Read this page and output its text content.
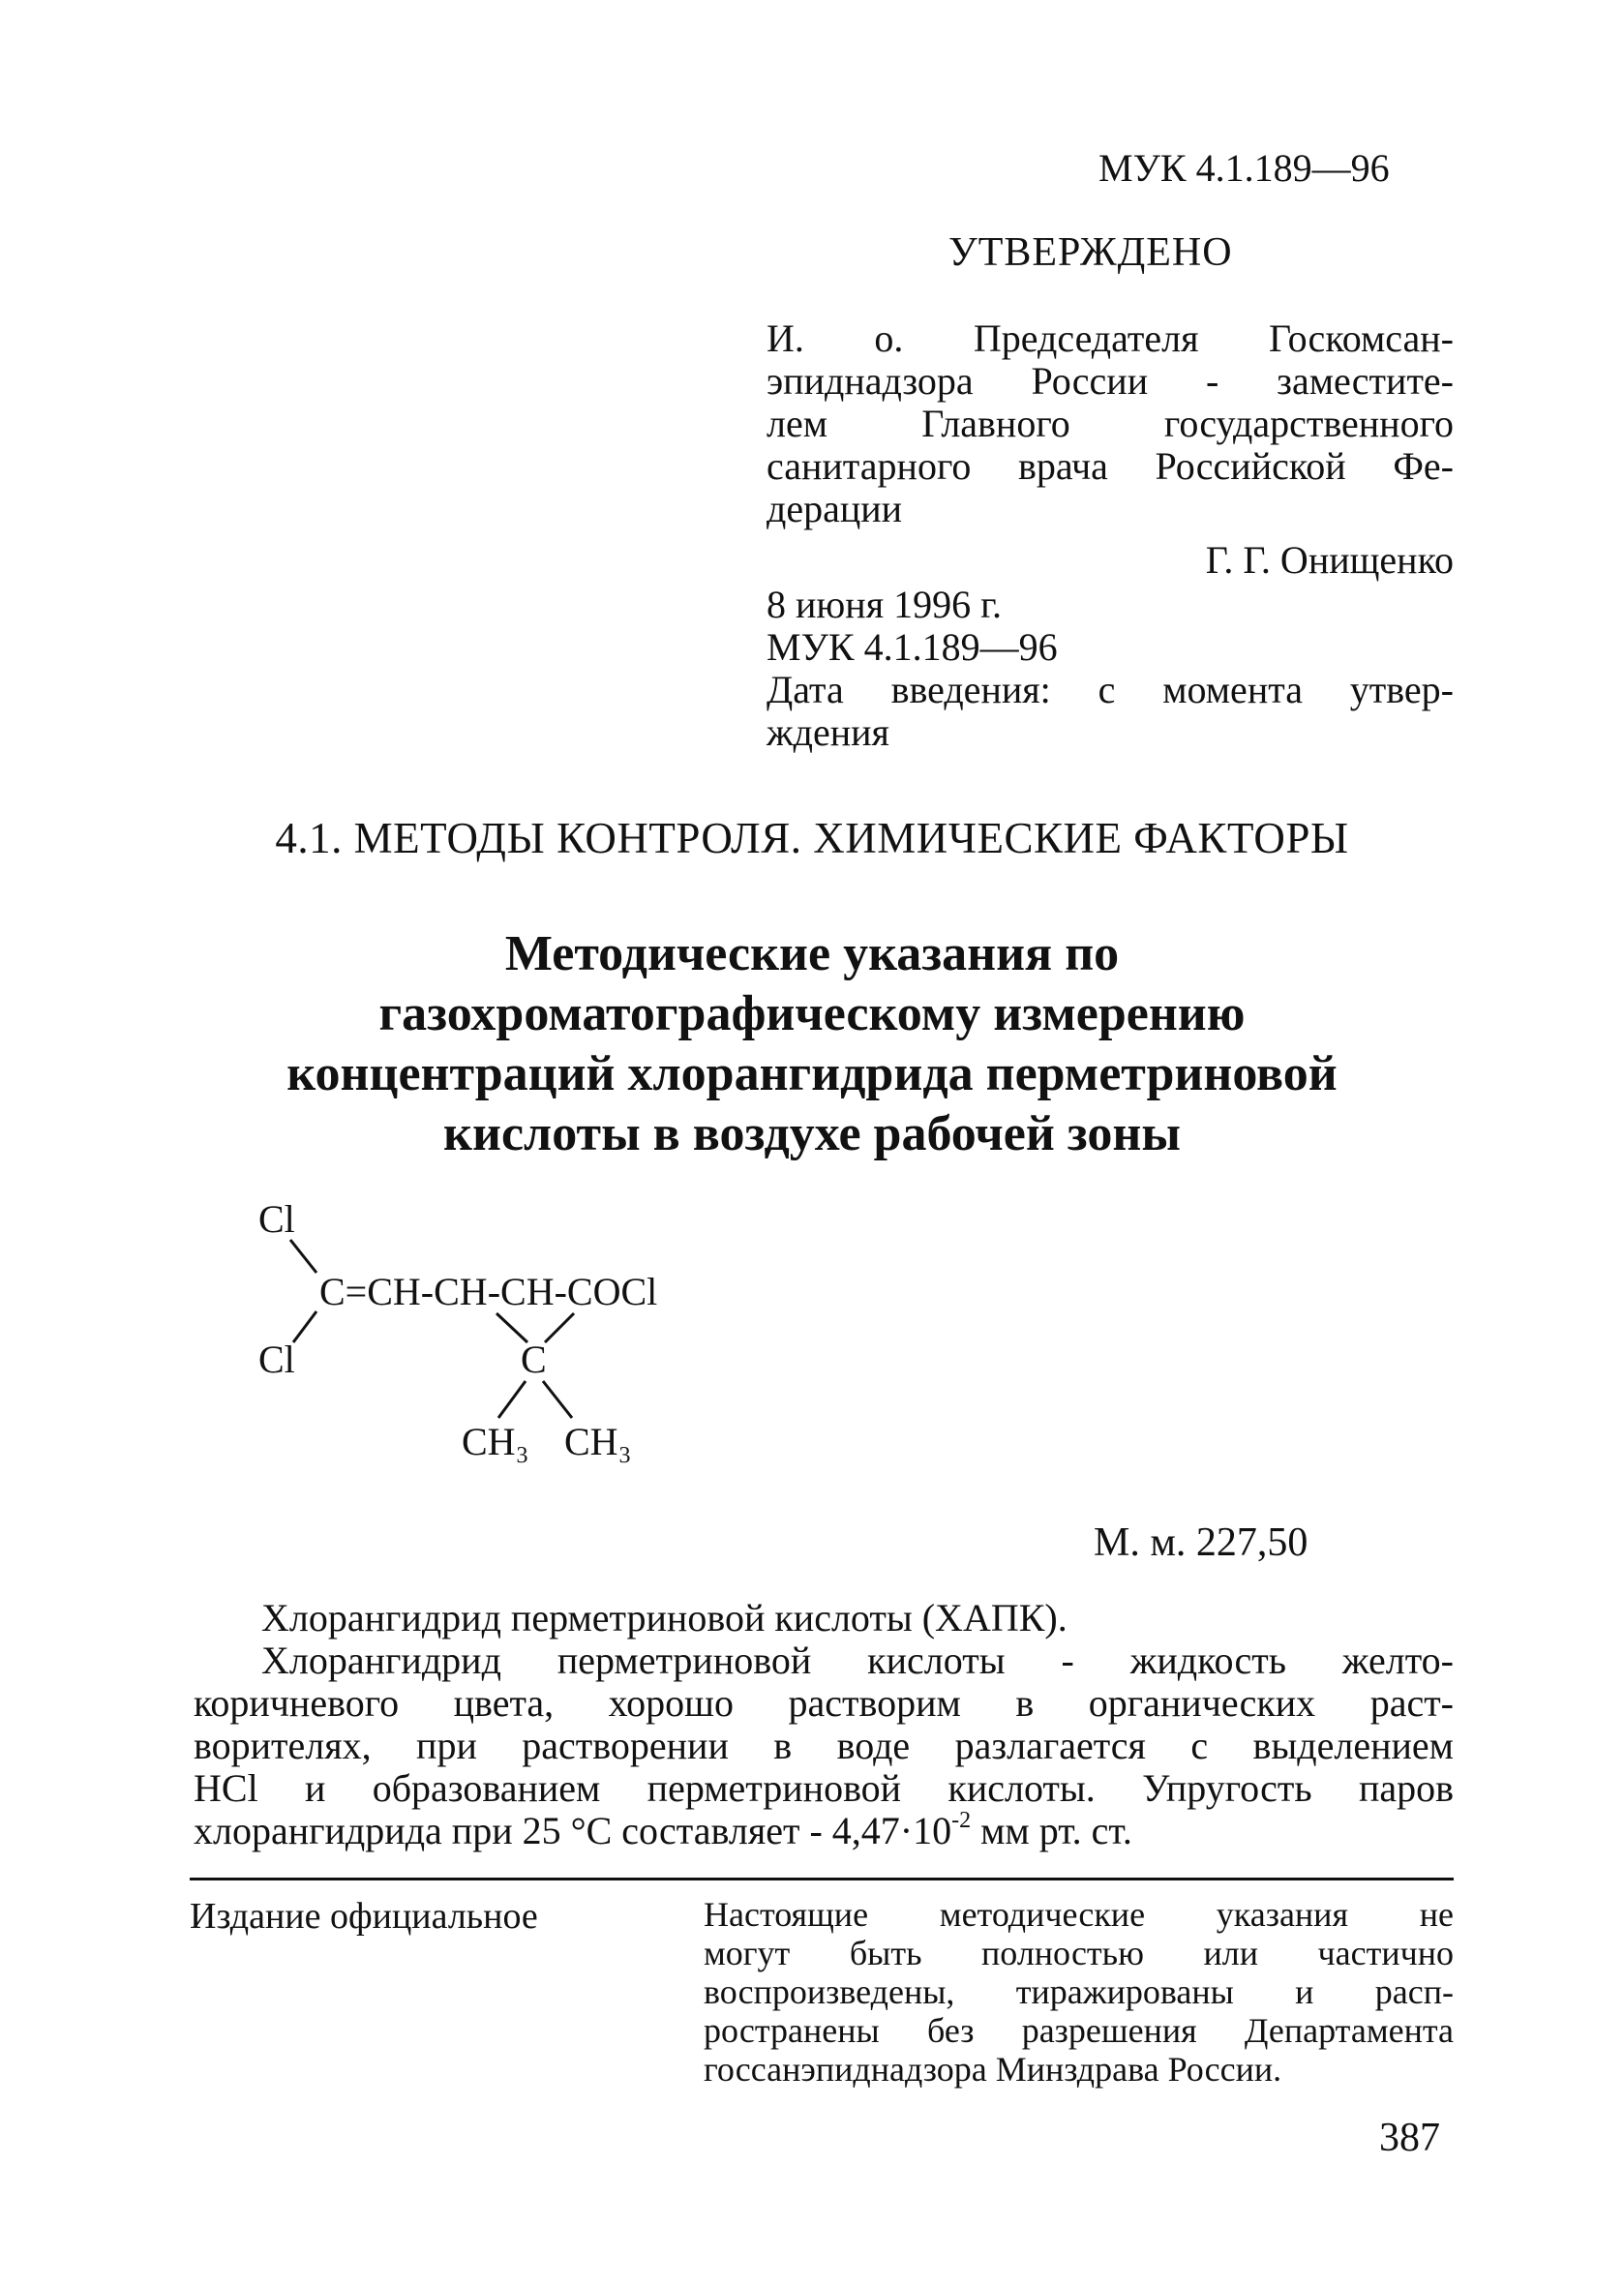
МУК 4.1.189—96
УТВЕРЖДЕНО
И. о. Председателя Госкомсан-
эпиднадзора России - заместите-
лем Главного государственного
санитарного врача Российской Фе-
дерации
Г. Г. Онищенко
8 июня 1996 г.
МУК 4.1.189—96
Дата введения: с момента утвер-
ждения
4.1. МЕТОДЫ КОНТРОЛЯ. ХИМИЧЕСКИЕ ФАКТОРЫ
Методические указания по
газохроматографическому измерению
концентраций хлорангидрида перметриновой
кислоты в воздухе рабочей зоны
Cl
C=CH-CH-CH-COCl
Cl	C
CH₃ CH₃
М. м. 227,50
Хлорангидрид перметриновой кислоты (ХАПК).
Хлорангидрид перметриновой кислоты - жидкость желто-
коричневого цвета, хорошо растворим в органических раст-
ворителях, при растворении в воде разлагается с выделением
HCl и образованием перметриновой кислоты. Упругость паров
хлорангидрида при 25 °С составляет - $4,47\cdot 10^{-2}$ мм рт. ст.
Издание официальное	Настоящие методические указания не
могут быть полностью или частично
воспроизведены, тиражированы и расп-
ространены без разрешения Департамента
госсанэпиднадзора Минздрава России.
387
